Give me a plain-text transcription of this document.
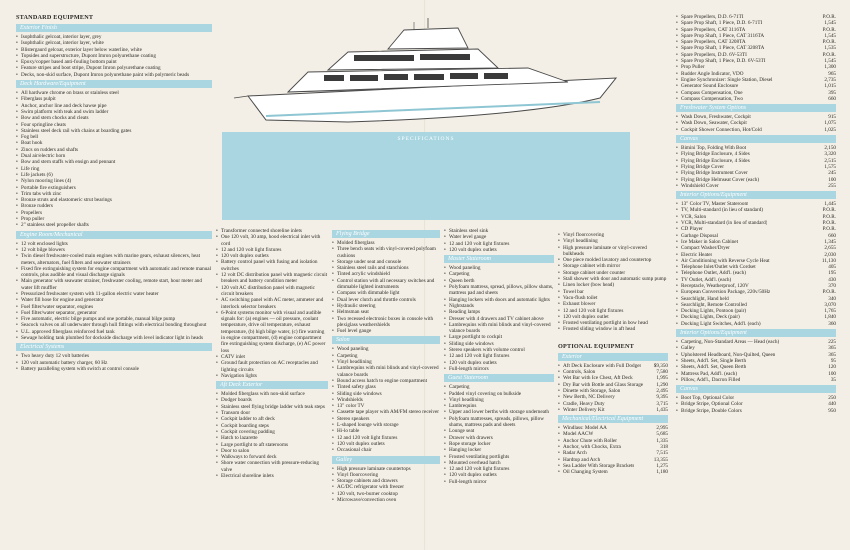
SPECIFICATIONS
STANDARD EQUIPMENT
Exterior Finish
• Isophthalic gelcoat, interior layer, grey
• Isophthalic gelcoat, interior layer, white
• Blistergaurd gelcoat, exterior layer below waterline, white
• Topsides and superstructure, Dupont Imron polyurethane coating
• Epoxy/copper based anti-fouling bottom paint
• Feature stripes and boot stripe, Dupont Imron polyurethane coating
• Decks, non-skid surface, Dupont Imron polyurethane paint with polymeric beads
Deck Hardware/Equipment
• All hardware chrome on brass or stainless steel
• Fiberglass pulpit
• Anchor, anchor line and deck hawse pipe
• Swim platform with teak and swim ladder
• Bow and stern chocks and cleats
• Four springline cleats
• Stainless steel deck rail with chains at boarding gates
• Fog bell
• Boat hook
• Zincs on rudders and shafts
• Dual air/electric horn
• Bow and stern staffs with ensign and pennant
• Life ring
• Life jackets (6)
• Nylon mooring lines (4)
• Portable fire extinguishers
• Trim tabs with zinc
• Bronze struts and elastomeric strut bearings
• Bronze rudders
• Propellers
• Prop puller
• 2" stainless steel propeller shafts
Engine Room/Mechanical
• 12 volt enclosed lights
• 12 volt bilge blowers
• Twin diesel freshwater-cooled main engines with marine gears, exhaust silencers, heat meters, alternators, fuel filters and seawater strainers
• Fixed fire extinguishing system for engine compartment with automatic and remote manual controls, plus audible and visual discharge signals
• Main generator with seawater strainer, freshwater cooling, remote start, hour meter and water lift muffler
• Pressurized freshwater system with 11-gallon electric water heater
• Water fill hose for engine and generator
• Fuel filter/water separator, engines
• Fuel filter/water separator, generator
• Five automatic, electric bilge pumps and one portable, manual bilge pump
• Seacock valves on all underwater through hull fittings with electrical bonding throughout
• U.L. approved fiberglass reinforced fuel tank
• Sewage holding tank plumbed for dockside discharge with level indicator light in heads
Electrical Systems
• Two heavy duty 12 volt batteries
• 120 volt automatic battery charger, 60 Hz
• Battery paralleling system with switch at control console
• Transformer connected shoreline inlets
• One 120 volt, 30 amp, hood electrical inlet with cord
• 12 and 120 volt light fixtures
• 120 volt duplex outlets
• Battery control panel with fusing and isolation switches
• 12 volt DC distribution panel with magnetic circuit breakers and battery condition meter
• 120 volt AC distribution panel with magnetic circuit breakers
• AC switching panel with AC meter, ammeter and interlock selector breakers
• 6-Point systems monitor with visual and audible signals for: (a) engines — oil pressure, coolant temperature, drive oil temperature, exhaust temperature, (b) high bilge water, (c) fire warning in engine compartment, (d) engine compartment fire extinguishing system discharge, (e) AC power loss
• CATV inlet
• Ground fault protection on AC receptacles and lighting circuits
• Navigation lights
Aft Deck Exterior
• Molded fiberglass with non-skid surface
• Dodger boards
• Stainless steel flying bridge ladder with teak steps
• Transom door
• Cockpit ladder to aft deck
• Cockpit boarding steps
• Cockpit covering padding
• Hatch to lazarette
• Large portlight to aft staterooms
• Door to salon
• Walkways to forward deck
• Shore water connection with pressure-reducing valve
• Electrical shoreline inlets
Flying Bridge
• Molded fiberglass
• Three bench seats with vinyl-covered polyfoam cushions
• Storage under seat and console
• Stainless steel rails and stanchions
• Tinted acrylic windshield
• Control station with all necessary switches and dimmable lighted instruments
• Compass with dimmable light
• Dual lever clutch and throttle controls
• Hydraulic steering
• Helmsman seat
• Two recessed electronic boxes in console with plexiglass weathershields
• Fuel level gauge
Salon
• Wood paneling
• Carpeting
• Vinyl headlining
• Lambrequins with mini blinds and vinyl-covered valance boards
• Bound access hatch to engine compartment
• Tinted safety glass
• Sliding side windows
• Windshields
• 13" color TV
• Cassette tape player with AM/FM stereo receiver
• Stereo speakers
• L-shaped lounge with storage
• Hi-lo table
• 12 and 120 volt light fixtures
• 120 volt duplex outlets
• Occasional chair
Galley
• High pressure laminate countertops
• Vinyl floorcovering
• Storage cabinets and drawers
• AC/DC refrigerator with freezer
• 120 volt, two-burner cooktop
• Microwave/convection oven
• Stainless steel sink
• Water level gauge
• 12 and 120 volt light fixtures
• 120 volt duplex outlets
Master Stateroom
• Wood paneling
• Carpeting
• Queen berth
• Polyfoam mattress, spread, pillows, pillow shams, mattress pad and sheets
• Hanging lockers with doors and automatic lights
• Nightstands
• Reading lamps
• Dresser with 4 drawers and TV cabinet above
• Lambrequins with mini blinds and vinyl-covered valance boards
• Large portlight to cockpit
• Sliding side windows
• Stereo speakers with volume control
• 12 and 120 volt light fixtures
• 120 volt duplex outlets
• Full-length mirrors
Guest Stateroom
• Carpeting
• Padded vinyl covering on bulkside
• Vinyl headlining
• Lambrequins
• Upper and lower berths with storage underneath
• Polyfoam mattresses, spreads, pillows, pillow shams, mattress pads and sheets
• Lounge seat
• Drawer with drawers
• Rope storage locker
• Hanging locker
• Frosted ventilating portlights
• Mounted overhead hatch
• 12 and 120 volt light fixtures
• 120 volt duplex outlets
• Full-length mirror
• Vinyl floorcovering
• Vinyl headlining
• High pressure laminate or vinyl-covered bulkheads
• One piece molded lavatory and countertop
• Storage cabinet with mirror
• Storage cabinet under counter
• Stall shower with door and automatic sump pump
• Linen locker (bow head)
• Towel bar
• Vacu-flush toilet
• Exhaust blower
• 12 and 120 volt light fixtures
• 120 volt duplex outlet
• Frosted ventilating portlight in bow head
• Frosted sliding window in aft head
OPTIONAL EQUIPMENT
Exterior
• Aft Deck Enclosure with Full Dodger	$9,350
• Controls, Salon	7,580
• Wet Bar with Ice Chest, Aft Deck	1,995
• Dry Bar with Bottle and Glass Storage	1,290
• Dinette with Storage, Salon	2,495
• New Berth, NC Delivery	9,395
• Cradle, Heavy Duty	3,715
• Winter Delivery Kit	1,435
Mechanical/Electrical Equipment
• Windlass: Model AA	2,995
• Model AACW	5,685
• Anchor Chute with Roller	1,335
• Anchor, with Chocks, Extra	318
• Radar Arch	7,515
• Hardtop and Arch	13,355
• Sea Ladder With Storage Brackets	1,275
• Oil Changing System	1,180
• Spare Propellers, D.D. 6-71TI	P.O.R.
• Spare Prop Shaft, 1 Piece, D.D. 6-71TI	1,545
• Spare Propellers, CAT 3116TA	P.O.R.
• Spare Prop Shaft, 1 Piece, CAT 3116TA	1,545
• Spare Propellers, CAT 3208TA	P.O.R.
• Spare Prop Shaft, 1 Piece, CAT 3208TA	1,535
• Spare Propellers, D.D. 6V-53TI	P.O.R.
• Spare Prop Shaft, 1 Piece, D.D. 6V-53TI	1,545
• Prop Puller	1,300
• Rudder Angle Indicator, VDO	965
• Engine Synchronizer: Single Station, Diesel	2,735
• Generator Sound Enclosure	1,015
• Compass Compensation, One	395
• Compass Compensation, Two	660
Freshwater System Options
• Wash Down, Freshwater, Cockpit	915
• Wash Down, Seawater, Cockpit	1,075
• Cockpit Shower Connection, Hot/Cold	1,025
Canvas
• Bimini Top, Folding With Boot	2,150
• Flying Bridge Enclosure, 4 Sides	3,320
• Flying Bridge Enclosure, 4 Sides	2,515
• Flying Bridge Cover	1,575
• Flying Bridge Instrument Cover	245
• Flying Bridge Helmseat Cover (each)	100
• Windshield Cover	255
Interior Options/Equipment
• 13" Color TV, Master Stateroom	1,445
• TV, Multi-standard (in lieu of standard)	P.O.R.
• VCR, Salon	P.O.R.
• VCR, Multi-standard (in lieu of standard)	P.O.R.
• CD Player	P.O.R.
• Garbage Disposal	660
• Ice Maker in Salon Cabinet	1,345
• Compact Washer/Dryer	2,655
• Electric Heater	2,030
• Air Conditioning with Reverse Cycle Heat	11,130
• Telephone Inlet/Outlet with Cordset	405
• Telephone Outlet, Add'l. (each)	195
• TV Outlet, Add'l. (each)	430
• Receptacle, Weatherproof, 120V	370
• European Conversion Package, 220v/50Hz	P.O.R.
• Searchlight, Hand held	340
• Searchlight, Remote Controlled	3,070
• Docking Lights, Pontoon (pair)	1,765
• Docking Lights, Deck (pair)	1,840
• Docking Light Switches, Add'l. (each)	360
Interior Options/Equipment
• Carpeting, Non-Standard Areas — Head (each)	225
• Galley	365
• Upholstered Headboard, Non-Quilted, Queen	365
• Sheets, Add'l. Set, Single Berth	95
• Sheets, Add'l. Set, Queen Berth	120
• Mattress Pad, Add'l. (each)	100
• Pillow, Add'l., Dacron Filled	35
Canvas
• Boot Top, Optional Color	250
• Bridge Stripe, Optional Color	440
• Bridge Stripe, Double Colors	950
